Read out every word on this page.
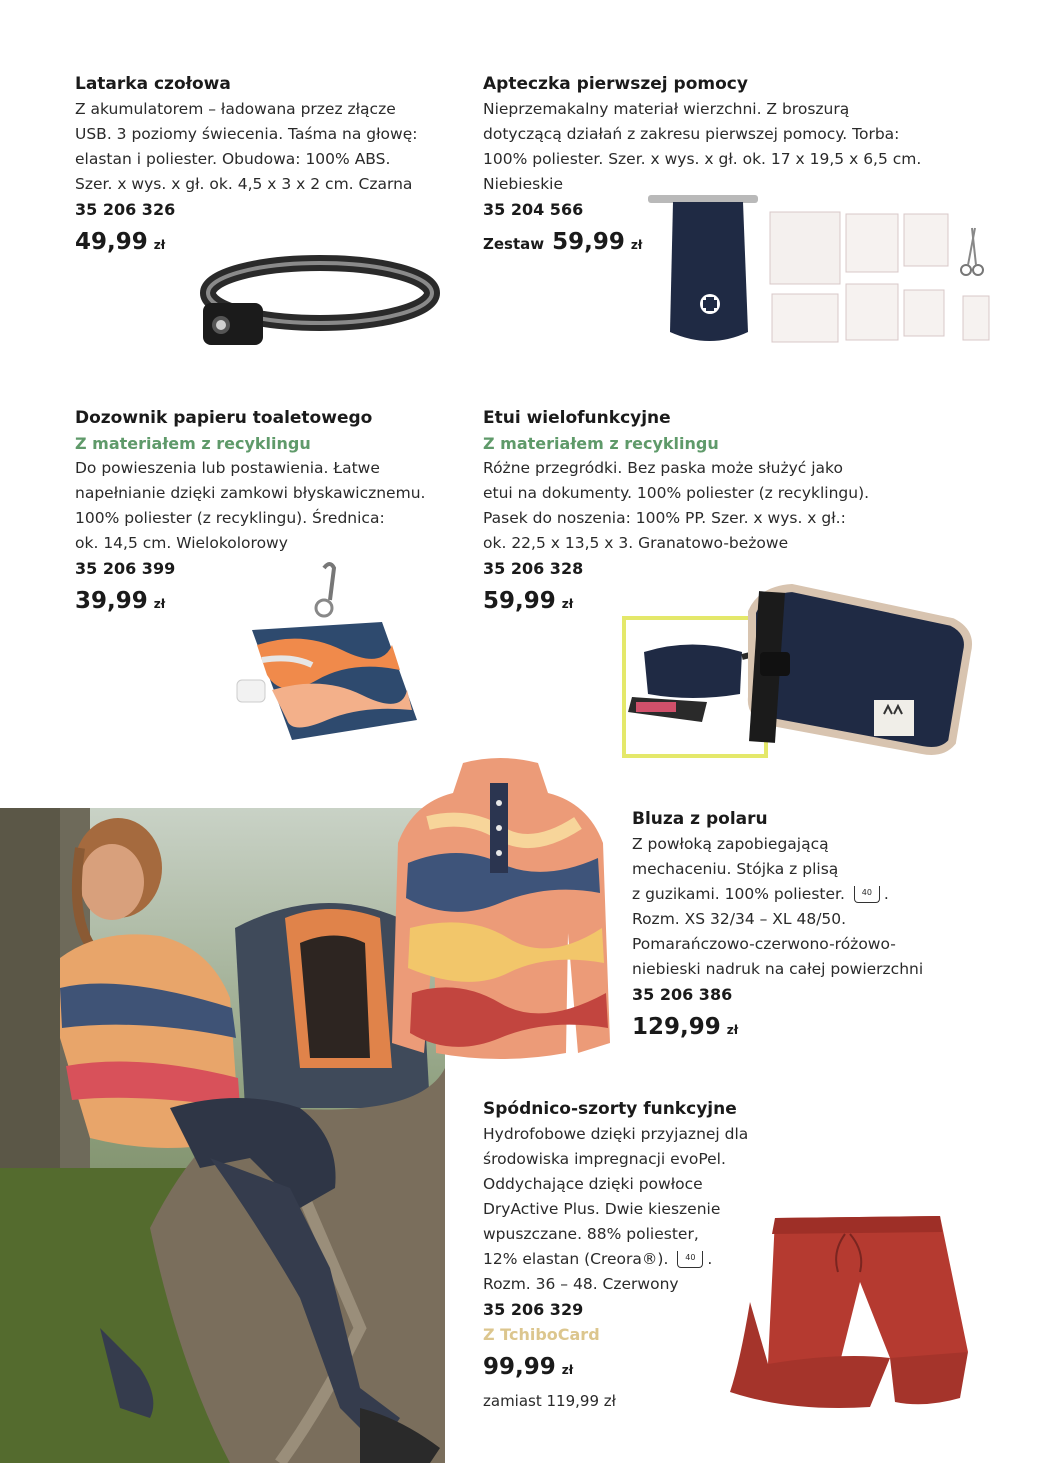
Latarka czołowa
Z akumulatorem – ładowana przez złącze
USB. 3 poziomy świecenia. Taśma na głowę:
elastan i poliester. Obudowa: 100% ABS.
Szer. x wys. x gł. ok. 4,5 x 3 x 2 cm. Czarna
35 206 326
49,99 zł
Apteczka pierwszej pomocy
Nieprzemakalny materiał wierzchni. Z broszurą
dotyczącą działań z zakresu pierwszej pomocy. Torba:
100% poliester. Szer. x wys. x gł. ok. 17 x 19,5 x 6,5 cm.
Niebieskie
35 204 566
Zestaw 59,99 zł
Dozownik papieru toaletowego
Z materiałem z recyklingu
Do powieszenia lub postawienia. Łatwe
napełnianie dzięki zamkowi błyskawicznemu.
100% poliester (z recyklingu). Średnica:
ok. 14,5 cm. Wielokolorowy
35 206 399
39,99 zł
Etui wielofunkcyjne
Z materiałem z recyklingu
Różne przegródki. Bez paska może służyć jako
etui na dokumenty. 100% poliester (z recyklingu).
Pasek do noszenia: 100% PP. Szer. x wys. x gł.:
ok. 22,5 x 13,5 x 3. Granatowo-beżowe
35 206 328
59,99 zł
Bluza z polaru
Z powłoką zapobiegającą
mechaceniu. Stójka z plisą
z guzikami. 100% poliester. 40 .
Rozm. XS 32/34 – XL 48/50.
Pomarańczowo-czerwono-różowo-
niebieski nadruk na całej powierzchni
35 206 386
129,99 zł
Spódnico-szorty funkcyjne
Hydrofobowe dzięki przyjaznej dla
środowiska impregnacji evoPel.
Oddychające dzięki powłoce
DryActive Plus. Dwie kieszenie
wpuszczane. 88% poliester,
12% elastan (Creora®). 40 .
Rozm. 36 – 48. Czerwony
35 206 329
Z TchiboCard
99,99 zł
zamiast 119,99 zł
